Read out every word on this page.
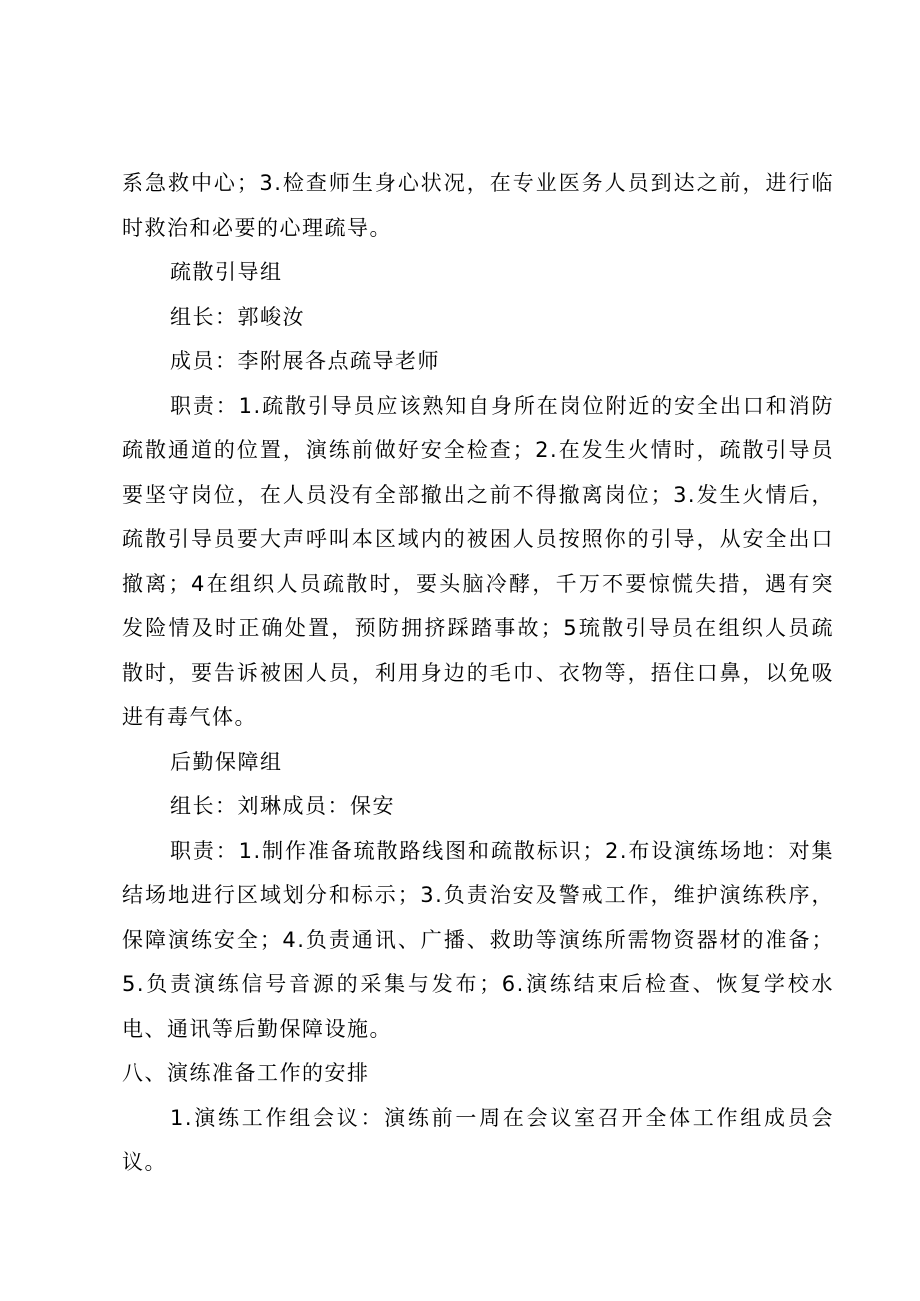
系急救中心；3.检查师生身心状况，在专业医务人员到达之前，进行临时救治和必要的心理疏导。

疏散引导组

组长：郭峻汝

成员：李附展各点疏导老师

职责：1.疏散引导员应该熟知自身所在岗位附近的安全出口和消防疏散通道的位置，演练前做好安全检查；2.在发生火情时，疏散引导员要坚守岗位，在人员没有全部撤出之前不得撤离岗位；3.发生火情后，疏散引导员要大声呼叫本区域内的被困人员按照你的引导，从安全出口撤离；4在组织人员疏散时，要头脑冷酵，千万不要惊慌失措，遇有突发险情及时正确处置，预防拥挤踩踏事故；5琉散引导员在组织人员疏散时，要告诉被困人员，利用身边的毛巾、衣物等，捂住口鼻，以免吸进有毒气体。

后勤保障组

组长：刘琳成员：保安

职责：1.制作准备琉散路线图和疏散标识；2.布设演练场地：对集结场地进行区域划分和标示；3.负责治安及警戒工作，维护演练秩序，保障演练安全；4.负责通讯、广播、救助等演练所需物资器材的准备；5.负责演练信号音源的采集与发布；6.演练结束后检查、恢复学校水电、通讯等后勤保障设施。

八、演练准备工作的安排

1.演练工作组会议：演练前一周在会议室召开全体工作组成员会议。
